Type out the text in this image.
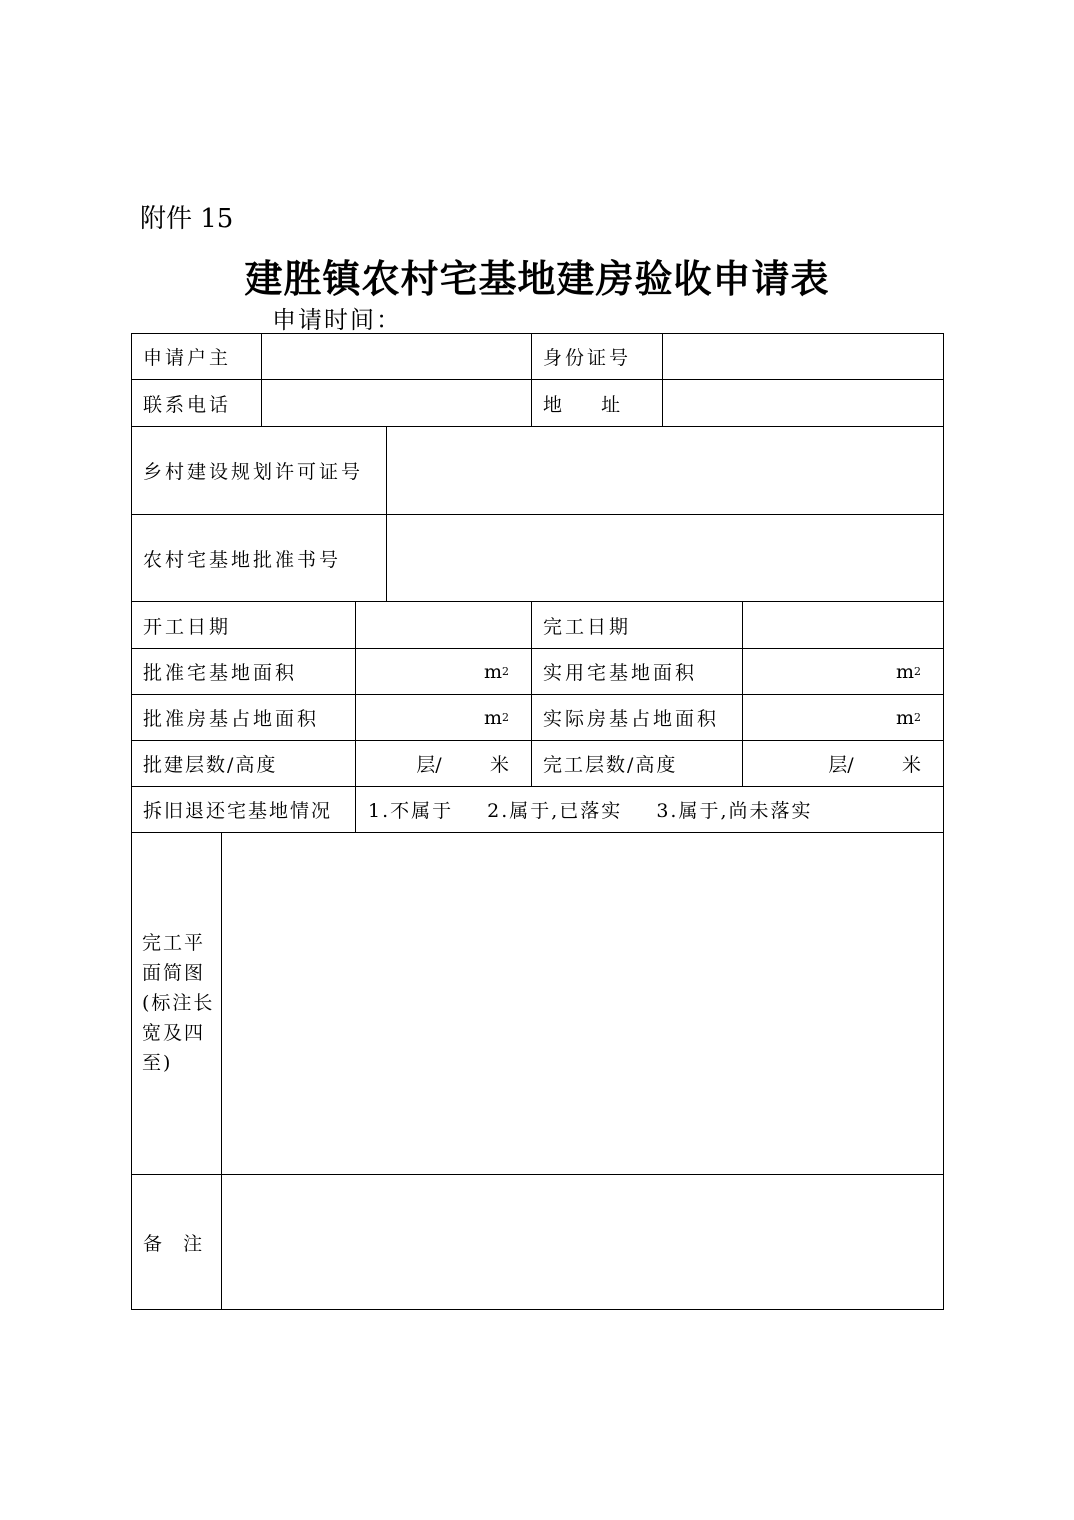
附件 15
建胜镇农村宅基地建房验收申请表
申请时间：
申请户主	身份证号
联系电话	地    址
乡村建设规划许可证号
农村宅基地批准书号
开工日期	完工日期
批准宅基地面积	m 2	实用宅基地面积	m 2
批准房基占地面积	m 2	实际房基占地面积	m 2
批建层数/高度	层/        米	完工层数/高度	层/        米
拆旧退还宅基地情况	1.不属于 2.属于,已落实 3.属于,尚未落实
完工平面简图(标注长宽及四至)
备  注
